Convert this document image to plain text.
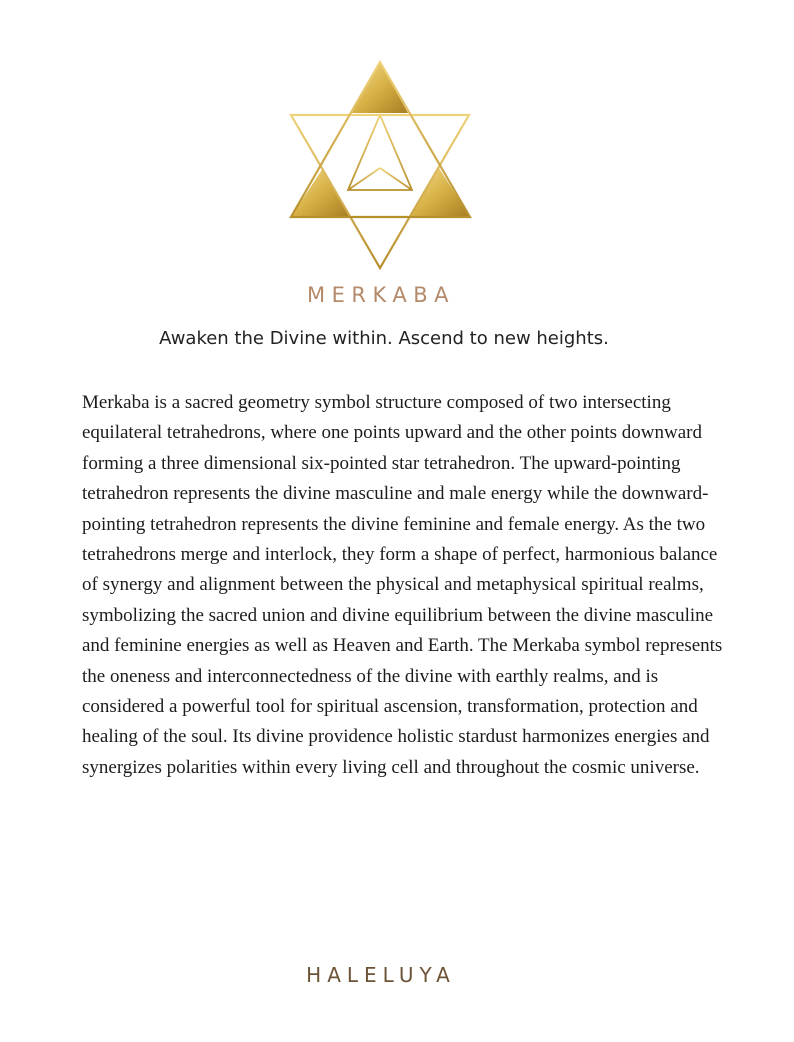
MERKABA
Awaken the Divine within. Ascend to new heights.

Merkaba is a sacred geometry symbol structure composed of two intersecting equilateral tetrahedrons, where one points upward and the other points downward forming a three dimensional six-pointed star tetrahedron. The upward-pointing tetrahedron represents the divine masculine and male energy while the downward-pointing tetrahedron represents the divine feminine and female energy. As the two tetrahedrons merge and interlock, they form a shape of perfect, harmonious balance of synergy and alignment between the physical and metaphysical spiritual realms, symbolizing the sacred union and divine equilibrium between the divine masculine and feminine energies as well as Heaven and Earth. The Merkaba symbol represents the oneness and interconnectedness of the divine with earthly realms, and is considered a powerful tool for spiritual ascension, transformation, protection and healing of the soul. Its divine providence holistic stardust harmonizes energies and synergizes polarities within every living cell and throughout the cosmic universe.

HALELUYA
